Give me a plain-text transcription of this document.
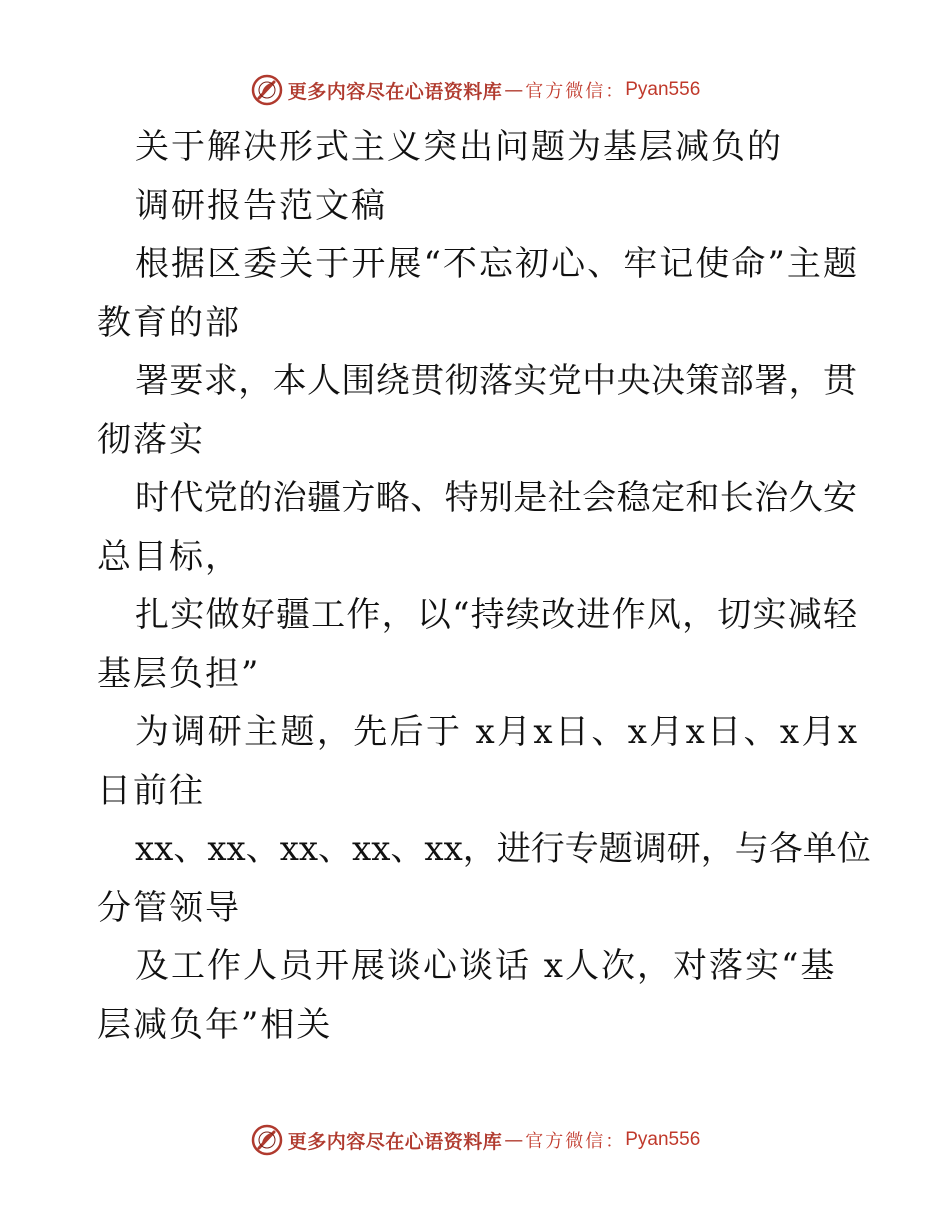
更多内容尽在心语资料库 — 官方微信： Pyan556
关于解决形式主义突出问题为基层减负的
调研报告范文稿
根据区委关于开展“不忘初心、牢记使命”主题
教育的部
署要求，本人围绕贯彻落实党中央决策部署，贯
彻落实
时代党的治疆方略、特别是社会稳定和长治久安
总目标，
扎实做好疆工作，以“持续改进作风，切实减轻
基层负担”
为调研主题，先后于 x月x日、x月x日、x月x
日前往
xx、xx、xx、xx、xx，进行专题调研，与各单位
分管领导
及工作人员开展谈心谈话 x人次，对落实“基
层减负年”相关
更多内容尽在心语资料库 — 官方微信： Pyan556
